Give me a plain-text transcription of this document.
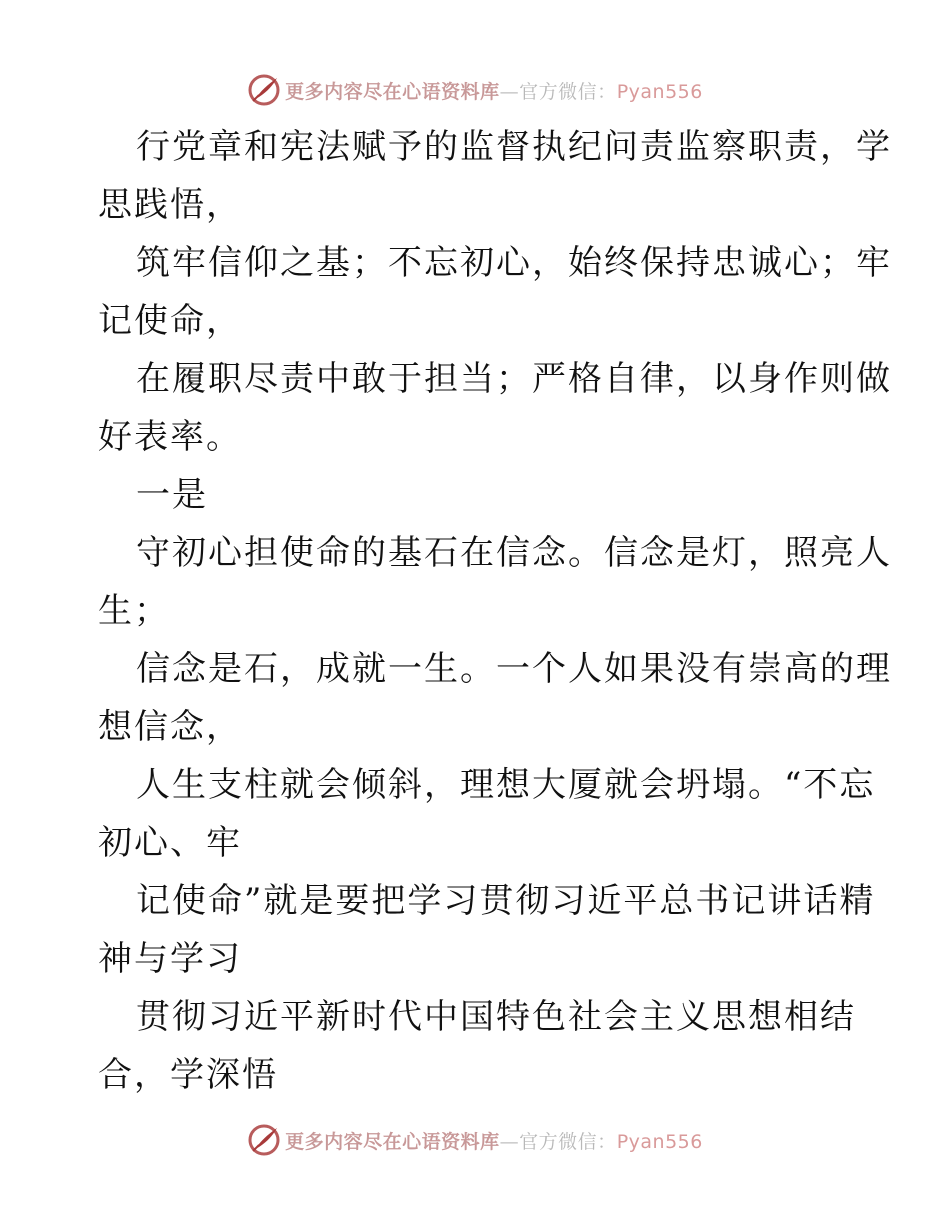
更多内容尽在心语资料库—官方微信：Pyan556
行党章和宪法赋予的监督执纪问责监察职责，学
思践悟，
筑牢信仰之基；不忘初心，始终保持忠诚心；牢
记使命，
在履职尽责中敢于担当；严格自律，以身作则做
好表率。
一是
守初心担使命的基石在信念。信念是灯，照亮人
生；
信念是石，成就一生。一个人如果没有崇高的理
想信念，
人生支柱就会倾斜，理想大厦就会坍塌。“不忘
初心、牢
记使命”就是要把学习贯彻习近平总书记讲话精
神与学习
贯彻习近平新时代中国特色社会主义思想相结
合，学深悟
更多内容尽在心语资料库—官方微信：Pyan556
